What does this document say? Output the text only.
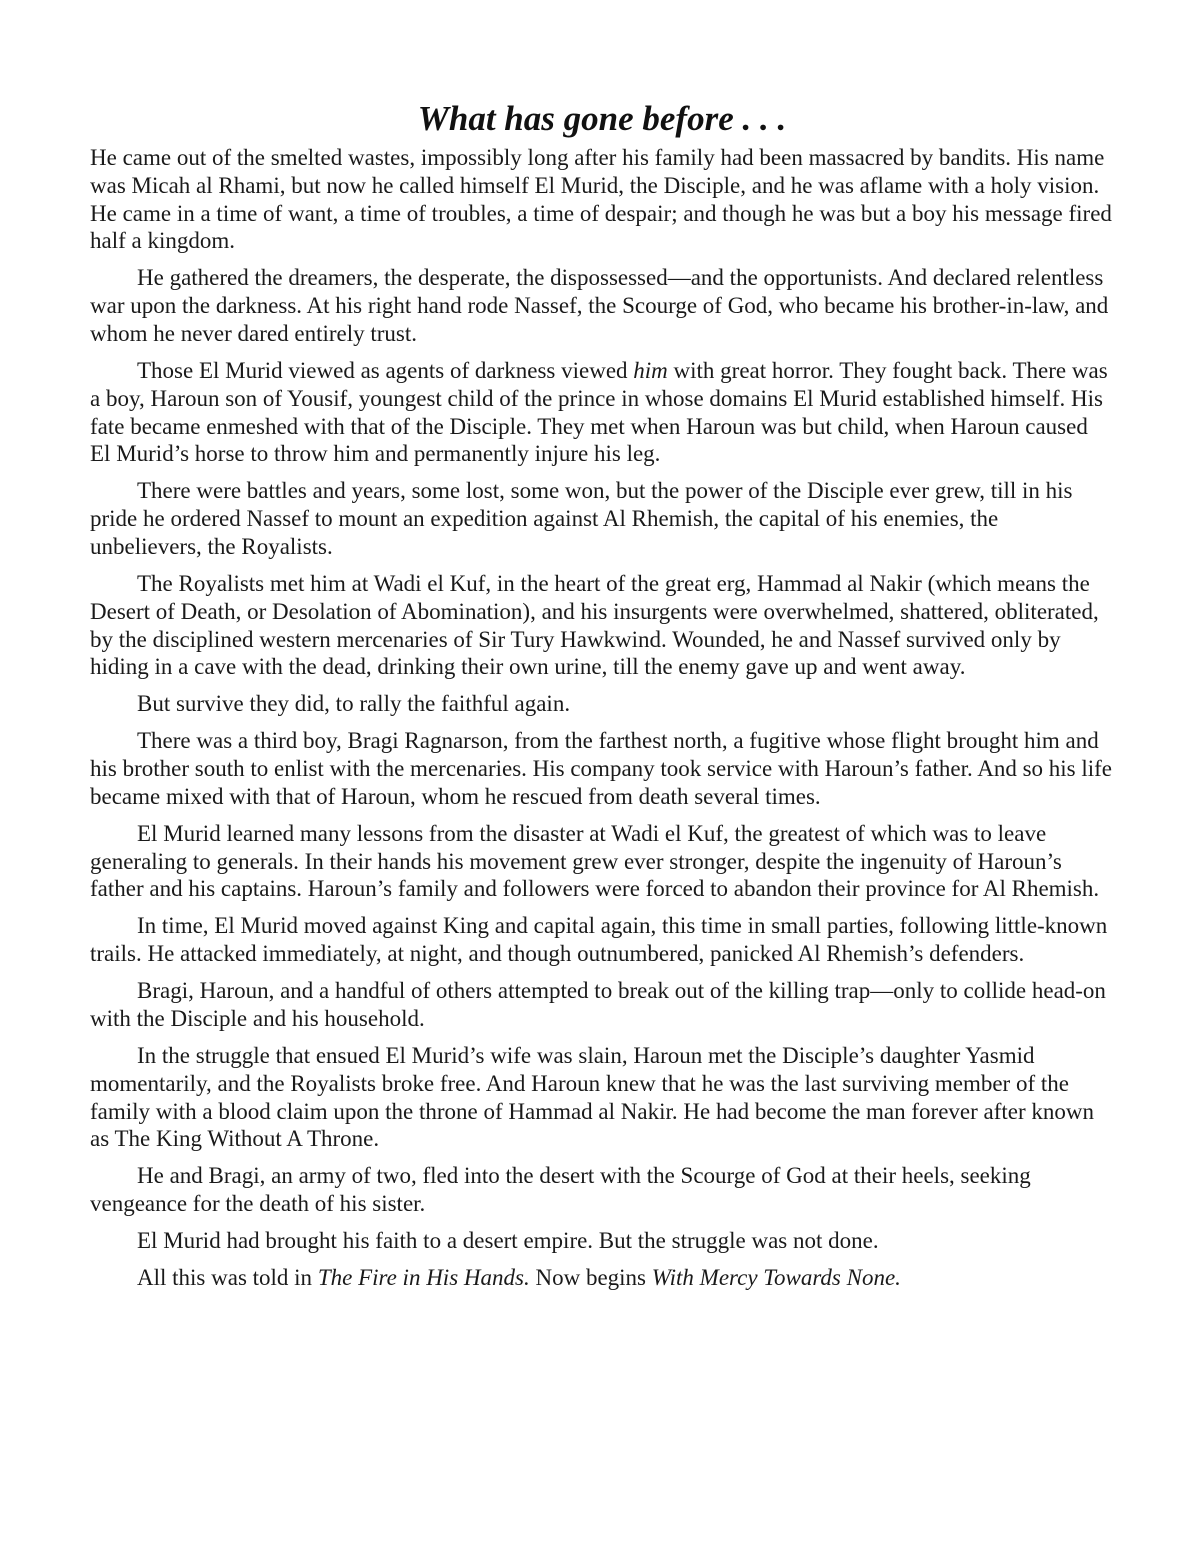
What has gone before . . .

He came out of the smelted wastes, impossibly long after his family had been massacred by bandits. His name was Micah al Rhami, but now he called himself El Murid, the Disciple, and he was aflame with a holy vision. He came in a time of want, a time of troubles, a time of despair; and though he was but a boy his message fired half a kingdom.

He gathered the dreamers, the desperate, the dispossessed—and the opportunists. And declared relentless war upon the darkness. At his right hand rode Nassef, the Scourge of God, who became his brother-in-law, and whom he never dared entirely trust.

Those El Murid viewed as agents of darkness viewed him with great horror. They fought back. There was a boy, Haroun son of Yousif, youngest child of the prince in whose domains El Murid established himself. His fate became enmeshed with that of the Disciple. They met when Haroun was but child, when Haroun caused El Murid’s horse to throw him and permanently injure his leg.

There were battles and years, some lost, some won, but the power of the Disciple ever grew, till in his pride he ordered Nassef to mount an expedition against Al Rhemish, the capital of his enemies, the unbelievers, the Royalists.

The Royalists met him at Wadi el Kuf, in the heart of the great erg, Hammad al Nakir (which means the Desert of Death, or Desolation of Abomination), and his insurgents were overwhelmed, shattered, obliterated, by the disciplined western mercenaries of Sir Tury Hawkwind. Wounded, he and Nassef survived only by hiding in a cave with the dead, drinking their own urine, till the enemy gave up and went away.

But survive they did, to rally the faithful again.

There was a third boy, Bragi Ragnarson, from the farthest north, a fugitive whose flight brought him and his brother south to enlist with the mercenaries. His company took service with Haroun’s father. And so his life became mixed with that of Haroun, whom he rescued from death several times.

El Murid learned many lessons from the disaster at Wadi el Kuf, the greatest of which was to leave generaling to generals. In their hands his movement grew ever stronger, despite the ingenuity of Haroun’s father and his captains. Haroun’s family and followers were forced to abandon their province for Al Rhemish.

In time, El Murid moved against King and capital again, this time in small parties, following little-known trails. He attacked immediately, at night, and though outnumbered, panicked Al Rhemish’s defenders.

Bragi, Haroun, and a handful of others attempted to break out of the killing trap—only to collide head-on with the Disciple and his household.

In the struggle that ensued El Murid’s wife was slain, Haroun met the Disciple’s daughter Yasmid momentarily, and the Royalists broke free. And Haroun knew that he was the last surviving member of the family with a blood claim upon the throne of Hammad al Nakir. He had become the man forever after known as The King Without A Throne.

He and Bragi, an army of two, fled into the desert with the Scourge of God at their heels, seeking vengeance for the death of his sister.

El Murid had brought his faith to a desert empire. But the struggle was not done.

All this was told in The Fire in His Hands. Now begins With Mercy Towards None.
